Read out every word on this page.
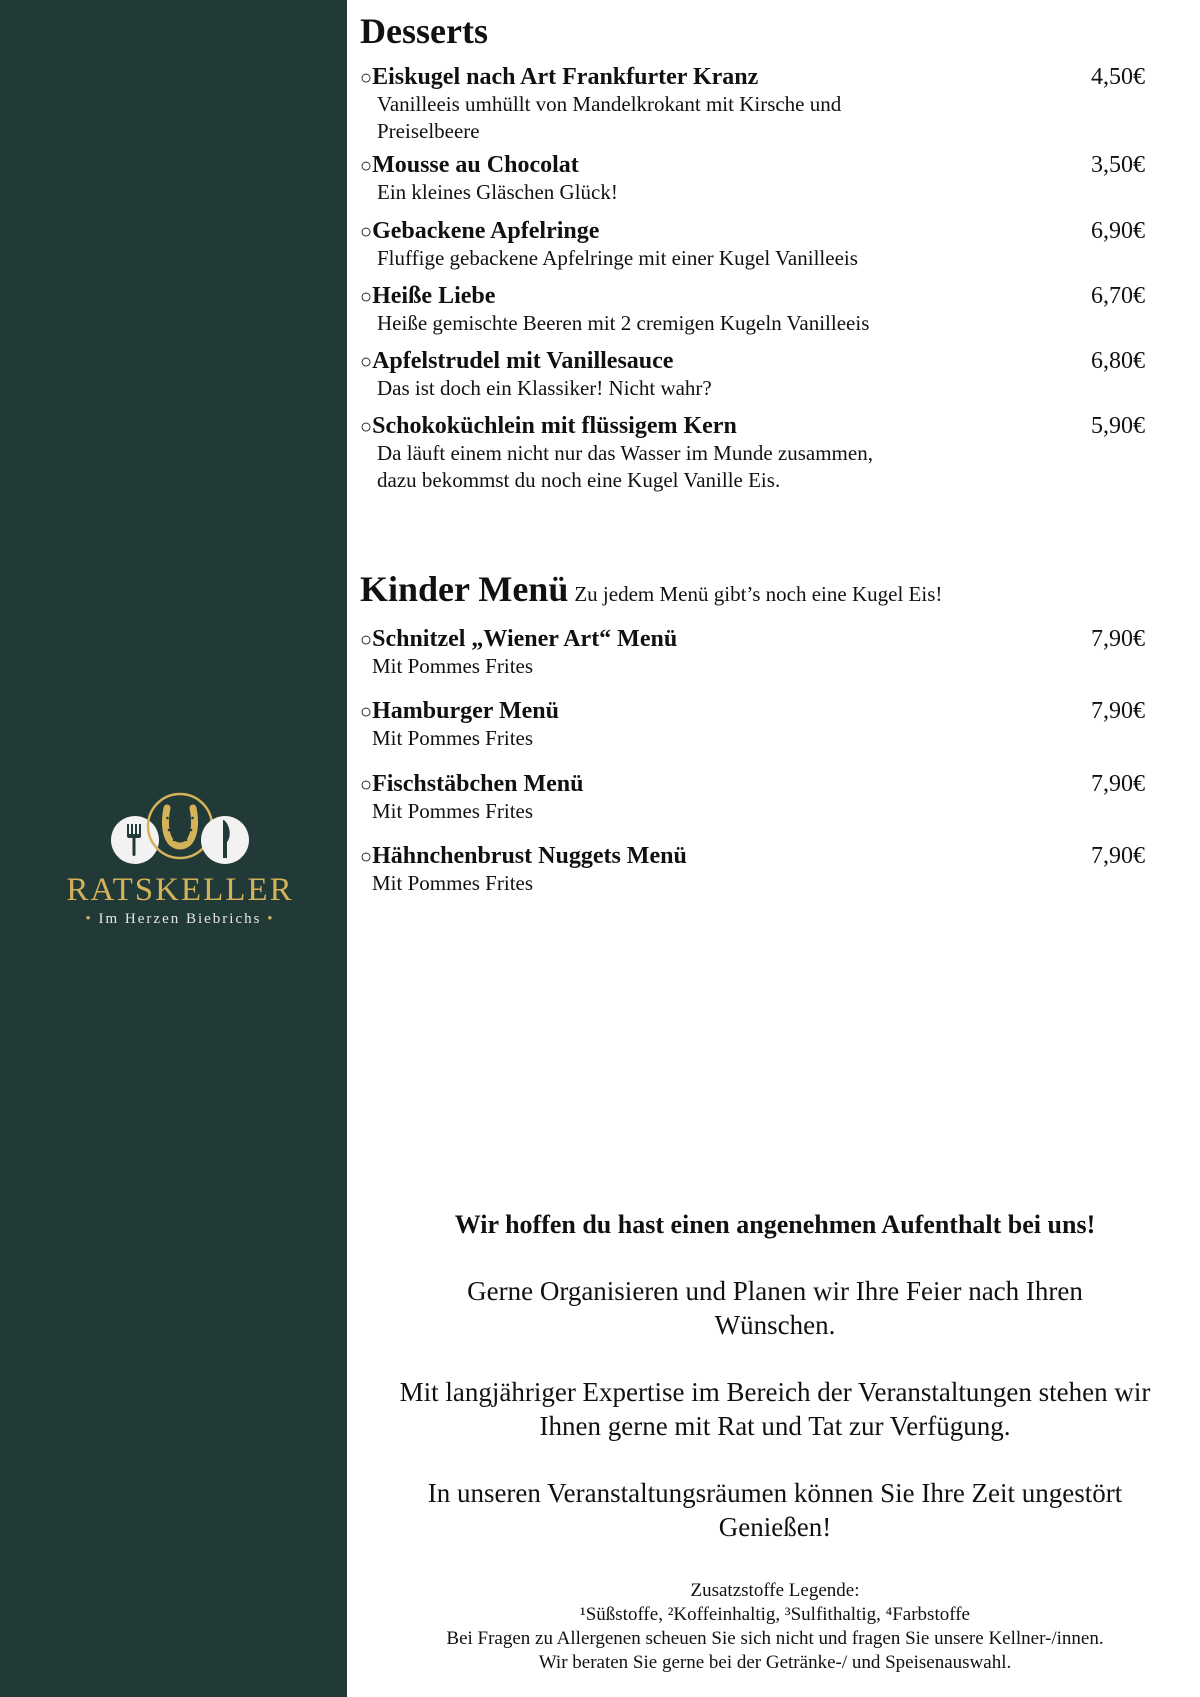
RATSKELLER
• Im Herzen Biebrichs •
Desserts
○Eiskugel nach Art Frankfurter Kranz	4,50€
Vanilleeis umhüllt von Mandelkrokant mit Kirsche und
Preiselbeere
○Mousse au Chocolat	3,50€
Ein kleines Gläschen Glück!
○Gebackene Apfelringe	6,90€
Fluffige gebackene Apfelringe mit einer Kugel Vanilleeis
○Heiße Liebe	6,70€
Heiße gemischte Beeren mit 2 cremigen Kugeln Vanilleeis
○Apfelstrudel mit Vanillesauce	6,80€
Das ist doch ein Klassiker! Nicht wahr?
○Schokoküchlein mit flüssigem Kern	5,90€
Da läuft einem nicht nur das Wasser im Munde zusammen,
dazu bekommst du noch eine Kugel Vanille Eis.
Kinder Menü Zu jedem Menü gibt’s noch eine Kugel Eis!
○Schnitzel „Wiener Art“ Menü	7,90€
Mit Pommes Frites
○Hamburger Menü	7,90€
Mit Pommes Frites
○Fischstäbchen Menü	7,90€
Mit Pommes Frites
○Hähnchenbrust Nuggets Menü	7,90€
Mit Pommes Frites
Wir hoffen du hast einen angenehmen Aufenthalt bei uns!
Gerne Organisieren und Planen wir Ihre Feier nach Ihren
Wünschen.
Mit langjähriger Expertise im Bereich der Veranstaltungen stehen wir
Ihnen gerne mit Rat und Tat zur Verfügung.
In unseren Veranstaltungsräumen können Sie Ihre Zeit ungestört
Genießen!
Zusatzstoffe Legende:
¹Süßstoffe, ²Koffeinhaltig, ³Sulfithaltig, ⁴Farbstoffe
Bei Fragen zu Allergenen scheuen Sie sich nicht und fragen Sie unsere Kellner-/innen.
Wir beraten Sie gerne bei der Getränke-/ und Speisenauswahl.
